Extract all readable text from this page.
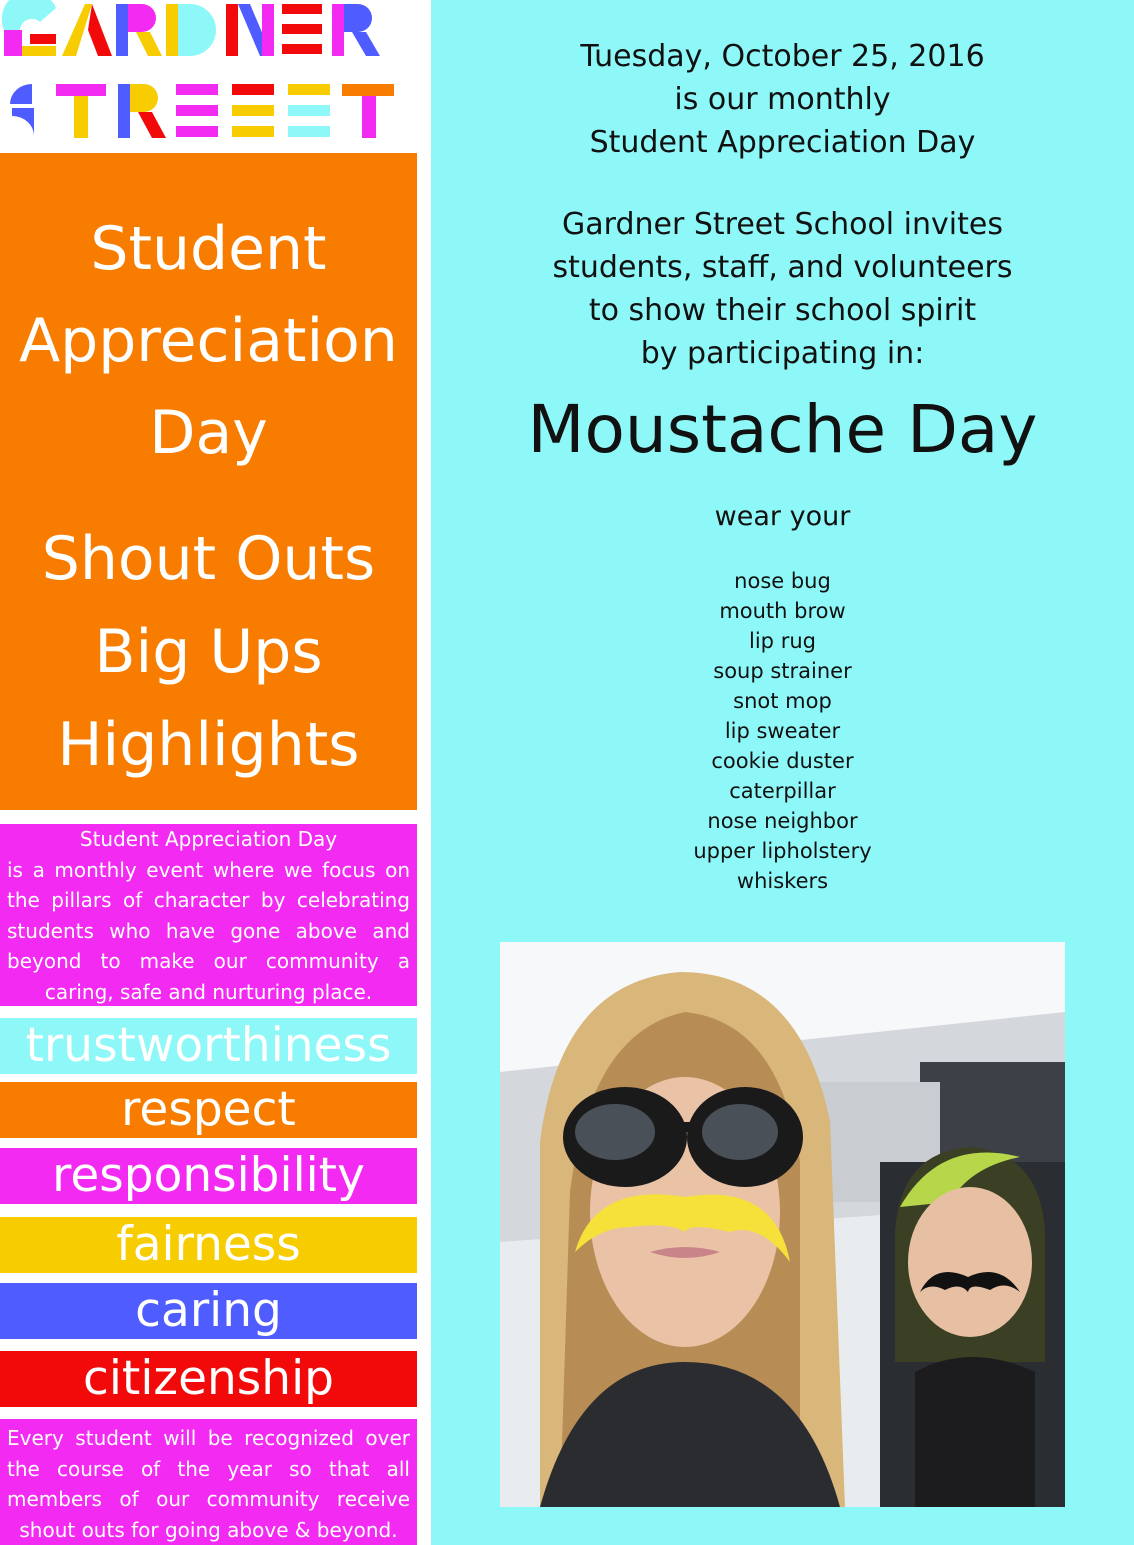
Student
Appreciation
Day
Shout Outs
Big Ups
Highlights
Student Appreciation Day
is a monthly event where we focus on the pillars of character by celebrating students who have gone above and beyond to make our community a caring, safe and nurturing place.
trustworthiness
respect
responsibility
fairness
caring
citizenship
Every student will be recognized over the course of the year so that all members of our community receive
shout outs for going above & beyond.
Tuesday, October 25, 2016
is our monthly
Student Appreciation Day
Gardner Street School invites
students, staff, and volunteers
to show their school spirit
by participating in:
Moustache Day
wear your
nose bug
mouth brow
lip rug
soup strainer
snot mop
lip sweater
cookie duster
caterpillar
nose neighbor
upper lipholstery
whiskers
